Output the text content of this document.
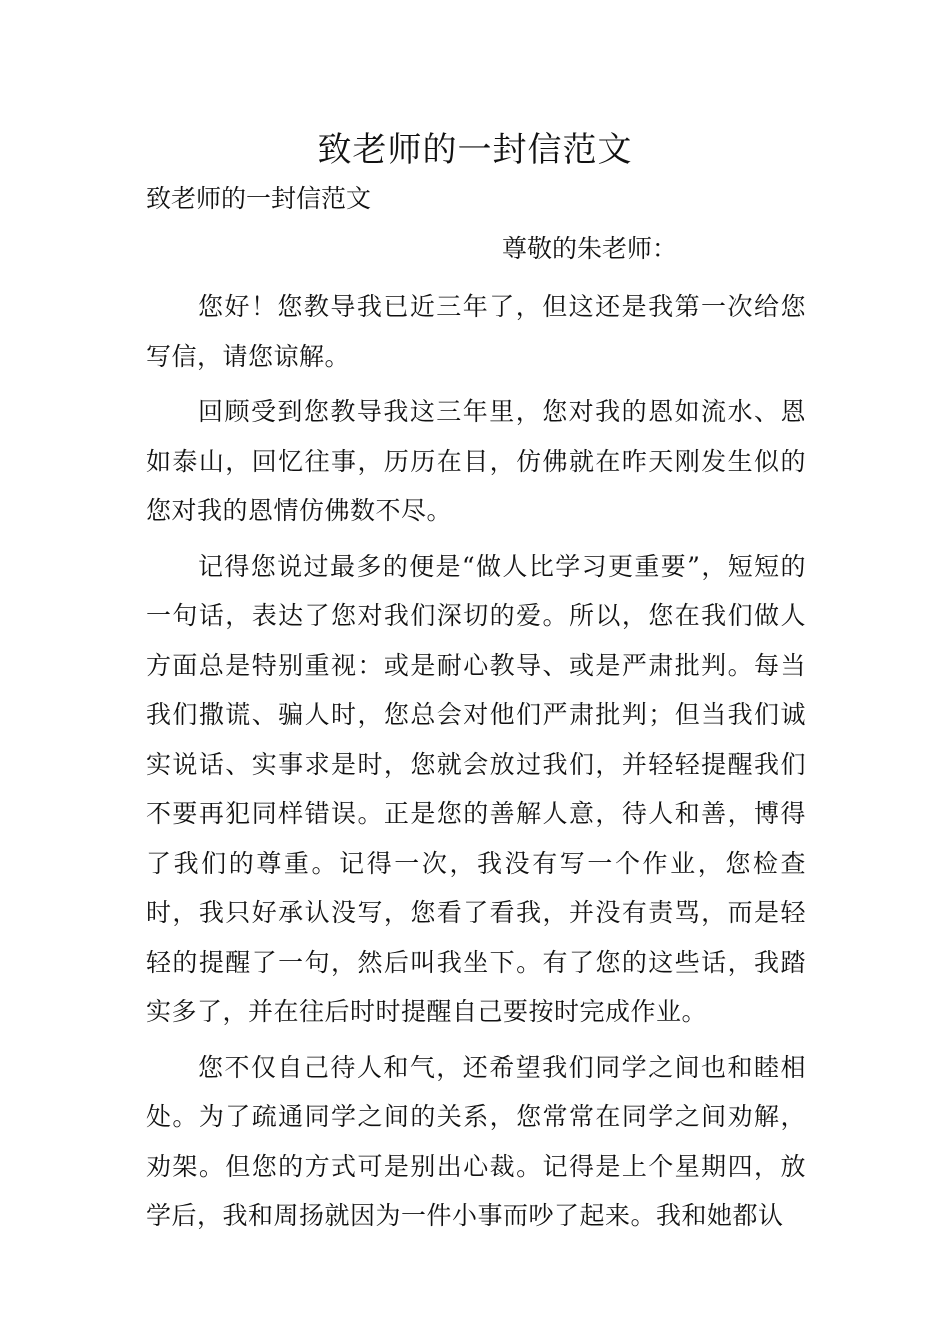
致老师的一封信范文

致老师的一封信范文

尊敬的朱老师：

您好！您教导我已近三年了，但这还是我第一次给您写信，请您谅解。

回顾受到您教导我这三年里，您对我的恩如流水、恩如泰山，回忆往事，历历在目，仿佛就在昨天刚发生似的您对我的恩情仿佛数不尽。

记得您说过最多的便是“做人比学习更重要”，短短的一句话，表达了您对我们深切的爱。所以，您在我们做人方面总是特别重视：或是耐心教导、或是严肃批判。每当我们撒谎、骗人时，您总会对他们严肃批判；但当我们诚实说话、实事求是时，您就会放过我们，并轻轻提醒我们不要再犯同样错误。正是您的善解人意，待人和善，博得了我们的尊重。记得一次，我没有写一个作业，您检查时，我只好承认没写，您看了看我，并没有责骂，而是轻轻的提醒了一句，然后叫我坐下。有了您的这些话，我踏实多了，并在往后时时提醒自己要按时完成作业。

您不仅自己待人和气，还希望我们同学之间也和睦相处。为了疏通同学之间的关系，您常常在同学之间劝解，劝架。但您的方式可是别出心裁。记得是上个星期四，放学后，我和周扬就因为一件小事而吵了起来。我和她都认
